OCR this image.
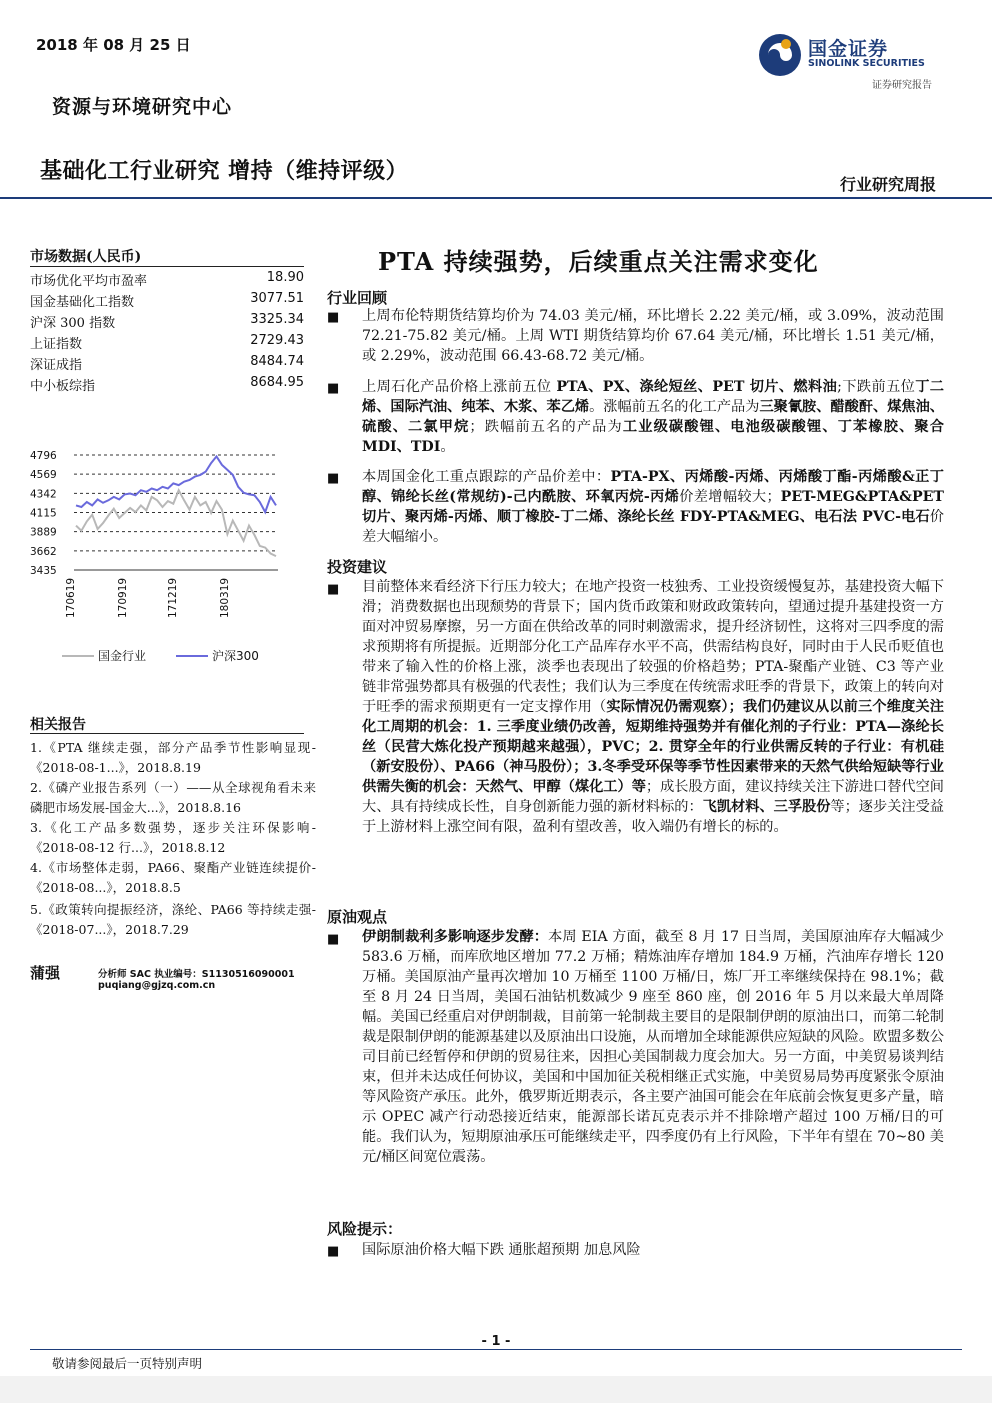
2018 年 08 月 25 日
资源与环境研究中心
基础化工行业研究 增持（维持评级）
行业研究周报
国金证券
SINOLINK SECURITIES
证券研究报告
市场数据(人民币)
市场优化平均市盈率	18.90
国金基础化工指数	3077.51
沪深 300 指数	3325.34
上证指数	2729.43
深证成指	8484.74
中小板综指	8684.95
4796
4569
4342
4115
3889
3662
3435
170619	170919	171219	180319
国金行业	沪深300
相关报告
1.《PTA 继续走强，部分产品季节性影响显现-《2018-08-1...》，2018.8.19
2.《磷产业报告系列（一）——从全球视角看未来磷肥市场发展-国金大...》，2018.8.16
3.《化工产品多数强势，逐步关注环保影响-《2018-08-12 行...》，2018.8.12
4.《市场整体走弱，PA66、聚酯产业链连续提价-《2018-08...》，2018.8.5
5.《政策转向提振经济，涤纶、PA66 等持续走强-《2018-07...》，2018.7.29
蒲强	分析师 SAC 执业编号：S1130516090001
puqiang@gjzq.com.cn
PTA 持续强势，后续重点关注需求变化
行业回顾
■ 上周布伦特期货结算均价为 74.03 美元/桶，环比增长 2.22 美元/桶，或 3.09%，波动范围 72.21-75.82 美元/桶。上周 WTI 期货结算均价 67.64 美元/桶，环比增长 1.51 美元/桶，或 2.29%，波动范围 66.43-68.72 美元/桶。
■ 上周石化产品价格上涨前五位 PTA、PX、涤纶短丝、PET 切片、燃料油;下跌前五位丁二烯、国际汽油、纯苯、木浆、苯乙烯。涨幅前五名的化工产品为三聚氰胺、醋酸酐、煤焦油、硫酸、二氯甲烷；跌幅前五名的产品为工业级碳酸锂、电池级碳酸锂、丁苯橡胶、聚合 MDI、TDI。
■ 本周国金化工重点跟踪的产品价差中：PTA-PX、丙烯酸-丙烯、丙烯酸丁酯-丙烯酸&正丁醇、锦纶长丝(常规纺)-己内酰胺、环氧丙烷-丙烯价差增幅较大；PET-MEG&PTA&PET 切片、聚丙烯-丙烯、顺丁橡胶-丁二烯、涤纶长丝 FDY-PTA&MEG、电石法 PVC-电石价差大幅缩小。
投资建议
■ 目前整体来看经济下行压力较大；在地产投资一枝独秀、工业投资缓慢复苏，基建投资大幅下滑；消费数据也出现颓势的背景下；国内货币政策和财政政策转向，望通过提升基建投资一方面对冲贸易摩擦，另一方面在供给改革的同时刺激需求，提升经济韧性，这将对三四季度的需求预期将有所提振。近期部分化工产品库存水平不高，供需结构良好，同时由于人民币贬值也带来了输入性的价格上涨，淡季也表现出了较强的价格趋势；PTA-聚酯产业链、C3 等产业链非常强势都具有极强的代表性；我们认为三季度在传统需求旺季的背景下，政策上的转向对于旺季的需求预期更有一定支撑作用（实际情况仍需观察）；我们仍建议从以前三个维度关注化工周期的机会：1. 三季度业绩仍改善，短期维持强势并有催化剂的子行业：PTA—涤纶长丝（民营大炼化投产预期越来越强），PVC；2. 贯穿全年的行业供需反转的子行业：有机硅（新安股份）、PA66（神马股份）；3.冬季受环保等季节性因素带来的天然气供给短缺等行业供需失衡的机会：天然气、甲醇（煤化工）等；成长股方面，建议持续关注下游进口替代空间大、具有持续成长性，自身创新能力强的新材料标的：飞凯材料、三孚股份等；逐步关注受益于上游材料上涨空间有限，盈利有望改善，收入端仍有增长的标的。
原油观点
■ 伊朗制裁利多影响逐步发酵：本周 EIA 方面，截至 8 月 17 日当周，美国原油库存大幅减少 583.6 万桶，而库欣地区增加 77.2 万桶；精炼油库存增加 184.9 万桶，汽油库存增长 120 万桶。美国原油产量再次增加 10 万桶至 1100 万桶/日，炼厂开工率继续保持在 98.1%；截至 8 月 24 日当周，美国石油钻机数减少 9 座至 860 座，创 2016 年 5 月以来最大单周降幅。美国已经重启对伊朗制裁，目前第一轮制裁主要目的是限制伊朗的原油出口，而第二轮制裁是限制伊朗的能源基建以及原油出口设施，从而增加全球能源供应短缺的风险。欧盟多数公司目前已经暂停和伊朗的贸易往来，因担心美国制裁力度会加大。另一方面，中美贸易谈判结束，但并未达成任何协议，美国和中国加征关税相继正式实施，中美贸易局势再度紧张令原油等风险资产承压。此外，俄罗斯近期表示，各主要产油国可能会在年底前会恢复更多产量，暗示 OPEC 减产行动恐接近结束，能源部长诺瓦克表示并不排除增产超过 100 万桶/日的可能。我们认为，短期原油承压可能继续走平，四季度仍有上行风险，下半年有望在 70~80 美元/桶区间宽位震荡。
风险提示：
■ 国际原油价格大幅下跌 通胀超预期 加息风险
- 1 -
敬请参阅最后一页特别声明
